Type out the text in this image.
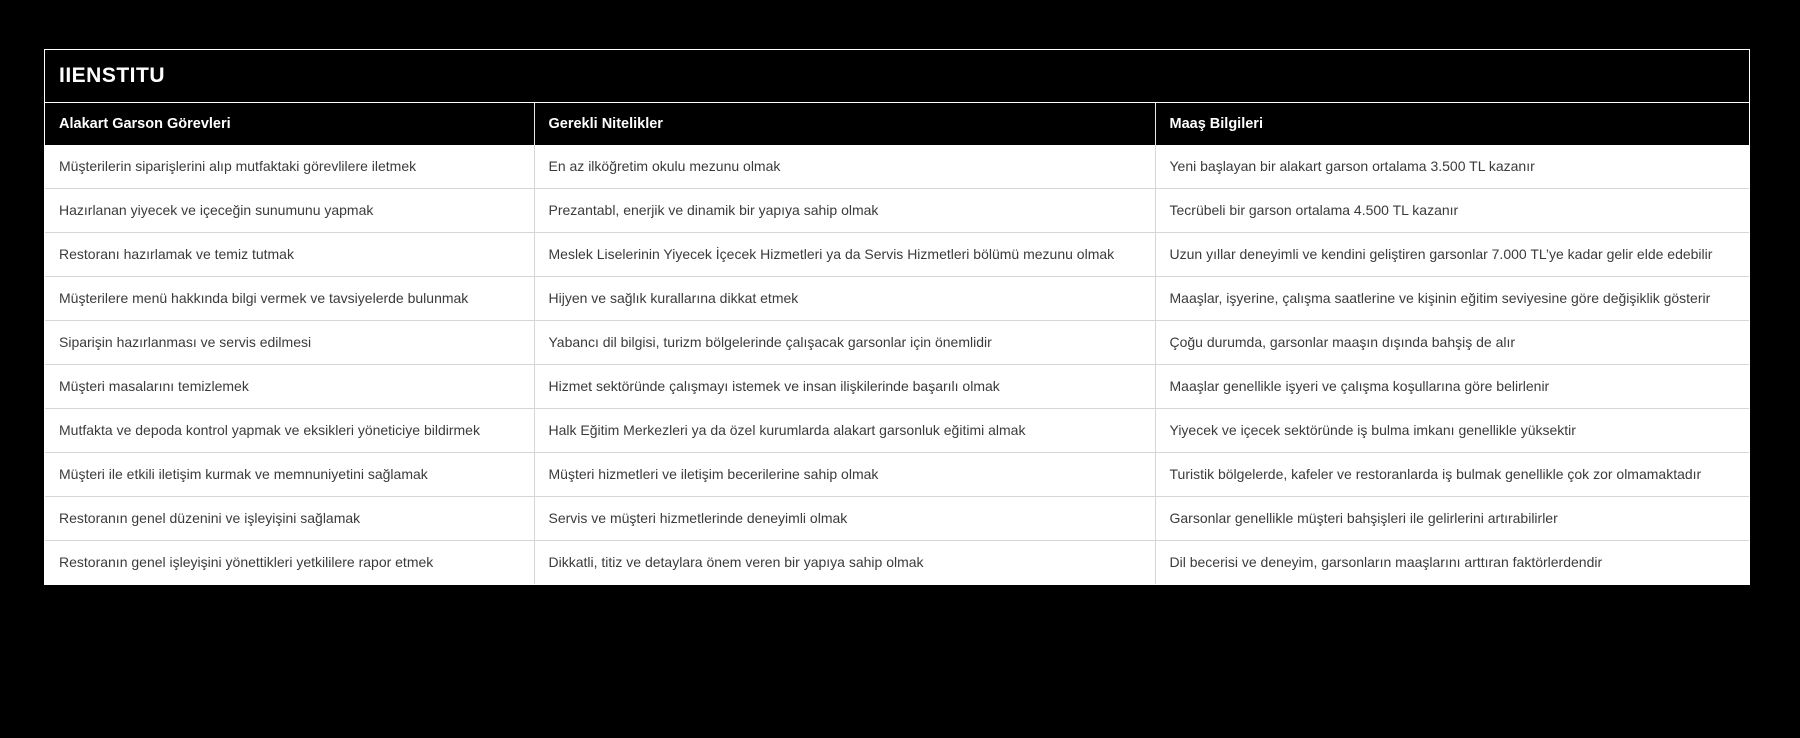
IIENSTITU
Alakart Garson Görevleri	Gerekli Nitelikler	Maaş Bilgileri
Müşterilerin siparişlerini alıp mutfaktaki görevlilere iletmek	En az ilköğretim okulu mezunu olmak	Yeni başlayan bir alakart garson ortalama 3.500 TL kazanır
Hazırlanan yiyecek ve içeceğin sunumunu yapmak	Prezantabl, enerjik ve dinamik bir yapıya sahip olmak	Tecrübeli bir garson ortalama 4.500 TL kazanır
Restoranı hazırlamak ve temiz tutmak	Meslek Liselerinin Yiyecek İçecek Hizmetleri ya da Servis Hizmetleri bölümü mezunu olmak	Uzun yıllar deneyimli ve kendini geliştiren garsonlar 7.000 TL’ye kadar gelir elde edebilir
Müşterilere menü hakkında bilgi vermek ve tavsiyelerde bulunmak	Hijyen ve sağlık kurallarına dikkat etmek	Maaşlar, işyerine, çalışma saatlerine ve kişinin eğitim seviyesine göre değişiklik gösterir
Siparişin hazırlanması ve servis edilmesi	Yabancı dil bilgisi, turizm bölgelerinde çalışacak garsonlar için önemlidir	Çoğu durumda, garsonlar maaşın dışında bahşiş de alır
Müşteri masalarını temizlemek	Hizmet sektöründe çalışmayı istemek ve insan ilişkilerinde başarılı olmak	Maaşlar genellikle işyeri ve çalışma koşullarına göre belirlenir
Mutfakta ve depoda kontrol yapmak ve eksikleri yöneticiye bildirmek	Halk Eğitim Merkezleri ya da özel kurumlarda alakart garsonluk eğitimi almak	Yiyecek ve içecek sektöründe iş bulma imkanı genellikle yüksektir
Müşteri ile etkili iletişim kurmak ve memnuniyetini sağlamak	Müşteri hizmetleri ve iletişim becerilerine sahip olmak	Turistik bölgelerde, kafeler ve restoranlarda iş bulmak genellikle çok zor olmamaktadır
Restoranın genel düzenini ve işleyişini sağlamak	Servis ve müşteri hizmetlerinde deneyimli olmak	Garsonlar genellikle müşteri bahşişleri ile gelirlerini artırabilirler
Restoranın genel işleyişini yönettikleri yetkililere rapor etmek	Dikkatli, titiz ve detaylara önem veren bir yapıya sahip olmak	Dil becerisi ve deneyim, garsonların maaşlarını arttıran faktörlerdendir
